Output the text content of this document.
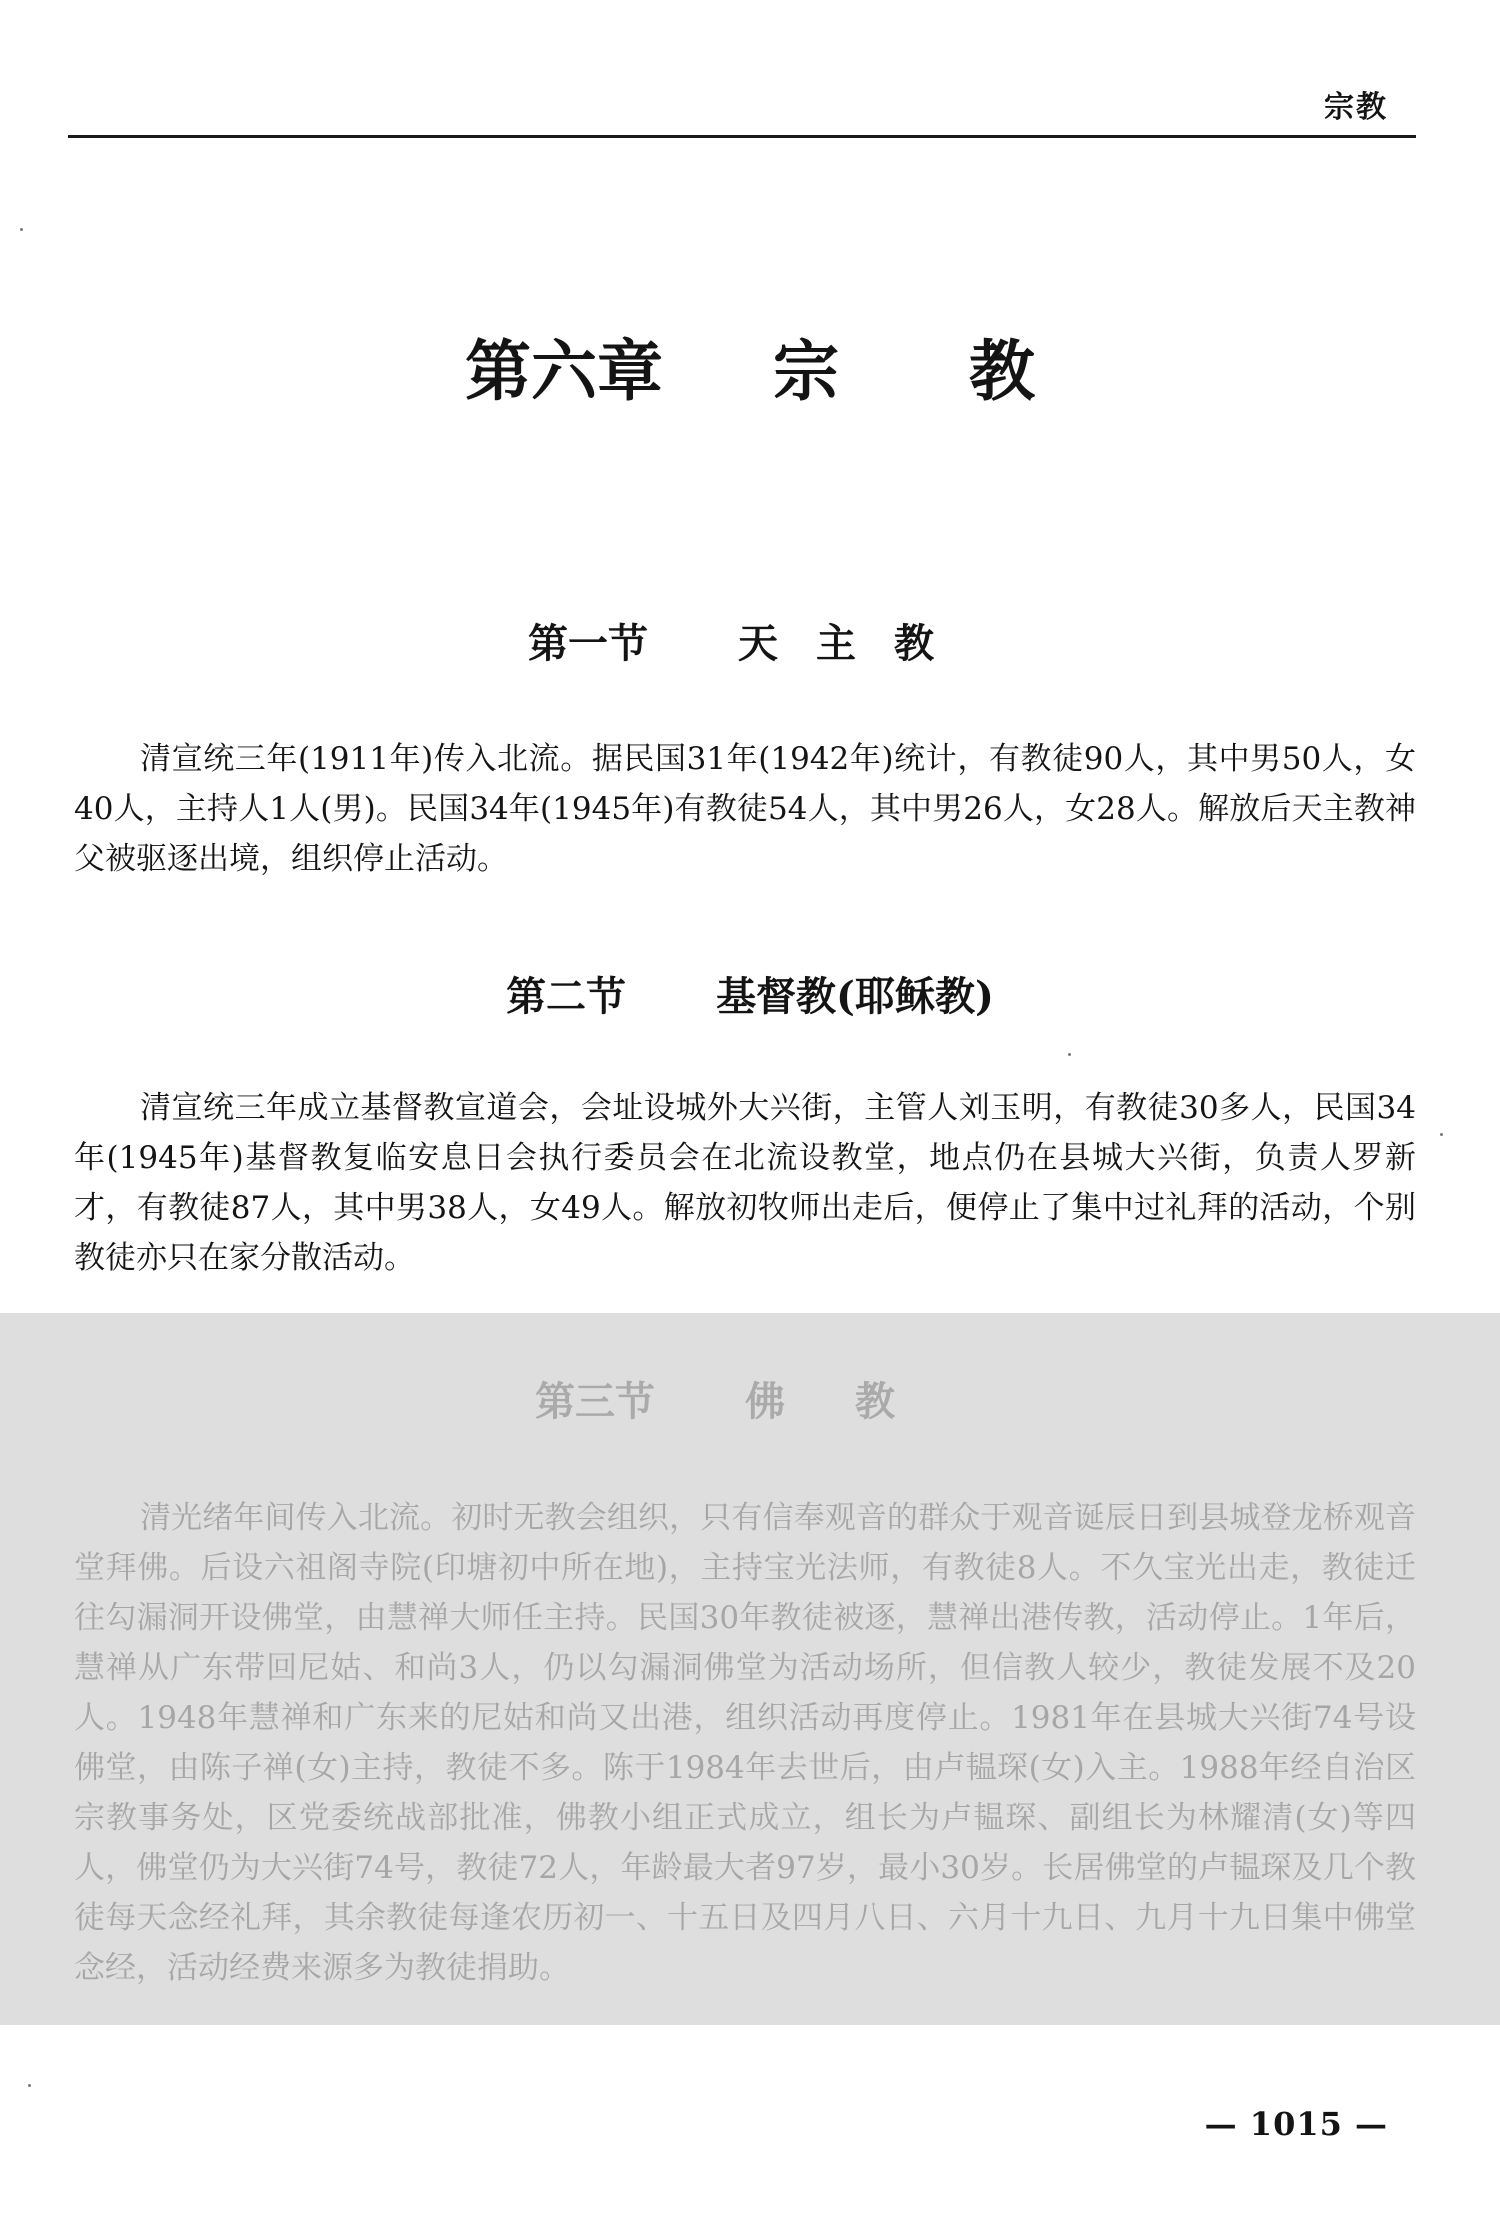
宗教
第六章 宗 教
第一节 天主教

清宣统三年(1911年)传入北流。据民国31年(1942年)统计，有教徒90人，其中男50人，女40人，主持人1人(男)。民国34年(1945年)有教徒54人，其中男26人，女28人。解放后天主教神父被驱逐出境，组织停止活动。

第二节 基督教(耶稣教)

清宣统三年成立基督教宣道会，会址设城外大兴街，主管人刘玉明，有教徒30多人，民国34年(1945年)基督教复临安息日会执行委员会在北流设教堂，地点仍在县城大兴街，负责人罗新才，有教徒87人，其中男38人，女49人。解放初牧师出走后，便停止了集中过礼拜的活动，个别教徒亦只在家分散活动。

第三节 佛教

清光绪年间传入北流。初时无教会组织，只有信奉观音的群众于观音诞辰日到县城登龙桥观音堂拜佛。后设六祖阁寺院(印塘初中所在地)，主持宝光法师，有教徒8人。不久宝光出走，教徒迁往勾漏洞开设佛堂，由慧禅大师任主持。民国30年教徒被逐，慧禅出港传教，活动停止。1年后，慧禅从广东带回尼姑、和尚3人，仍以勾漏洞佛堂为活动场所，但信教人较少，教徒发展不及20人。1948年慧禅和广东来的尼姑和尚又出港，组织活动再度停止。1981年在县城大兴街74号设佛堂，由陈子禅(女)主持，教徒不多。陈于1984年去世后，由卢韫琛(女)入主。1988年经自治区宗教事务处，区党委统战部批准，佛教小组正式成立，组长为卢韫琛、副组长为林耀清(女)等四人，佛堂仍为大兴街74号，教徒72人，年龄最大者97岁，最小30岁。长居佛堂的卢韫琛及几个教徒每天念经礼拜，其余教徒每逢农历初一、十五日及四月八日、六月十九日、九月十九日集中佛堂念经，活动经费来源多为教徒捐助。

— 1015 —
